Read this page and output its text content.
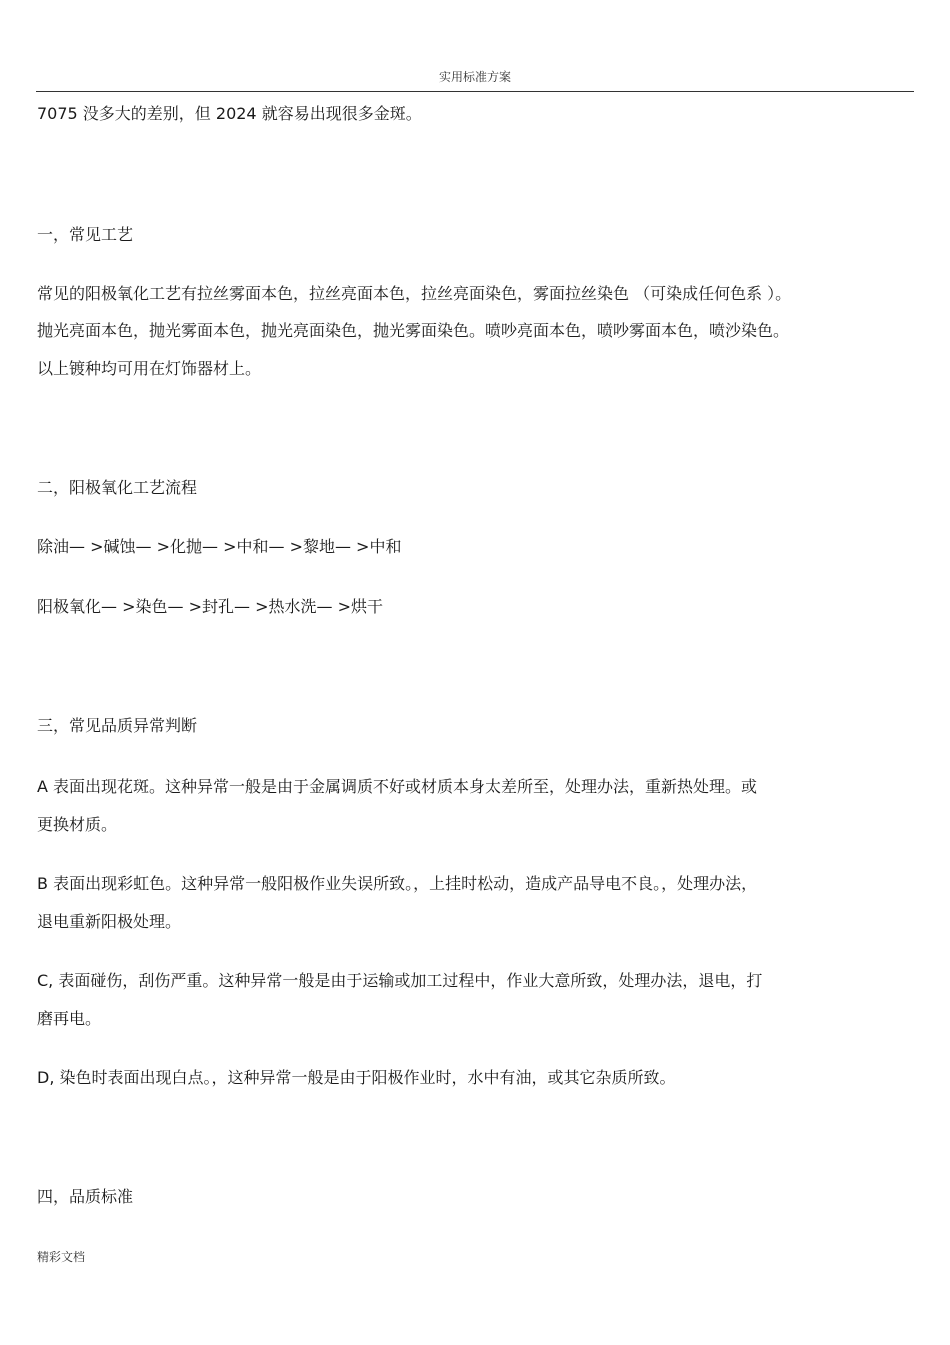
实用标准方案
7075 没多大的差别，但 2024 就容易出现很多金斑。
一，常见工艺
常见的阳极氧化工艺有拉丝雾面本色，拉丝亮面本色，拉丝亮面染色，雾面拉丝染色 （可染成任何色系 ）。
抛光亮面本色，抛光雾面本色，抛光亮面染色，抛光雾面染色。喷吵亮面本色，喷吵雾面本色，喷沙染色。
以上镀种均可用在灯饰器材上。
二，阳极氧化工艺流程
除油— >碱蚀— >化抛— >中和— >黎地— >中和
阳极氧化— >染色— >封孔— >热水洗— >烘干
三，常见品质异常判断
A 表面出现花斑。这种异常一般是由于金属调质不好或材质本身太差所至，处理办法，重新热处理。或
更换材质。
B 表面出现彩虹色。这种异常一般阳极作业失误所致。，上挂时松动，造成产品导电不良。，处理办法，
退电重新阳极处理。
C, 表面碰伤，刮伤严重。这种异常一般是由于运输或加工过程中，作业大意所致，处理办法，退电，打
磨再电。
D, 染色时表面出现白点。，这种异常一般是由于阳极作业时，水中有油，或其它杂质所致。
四，品质标准
精彩文档
